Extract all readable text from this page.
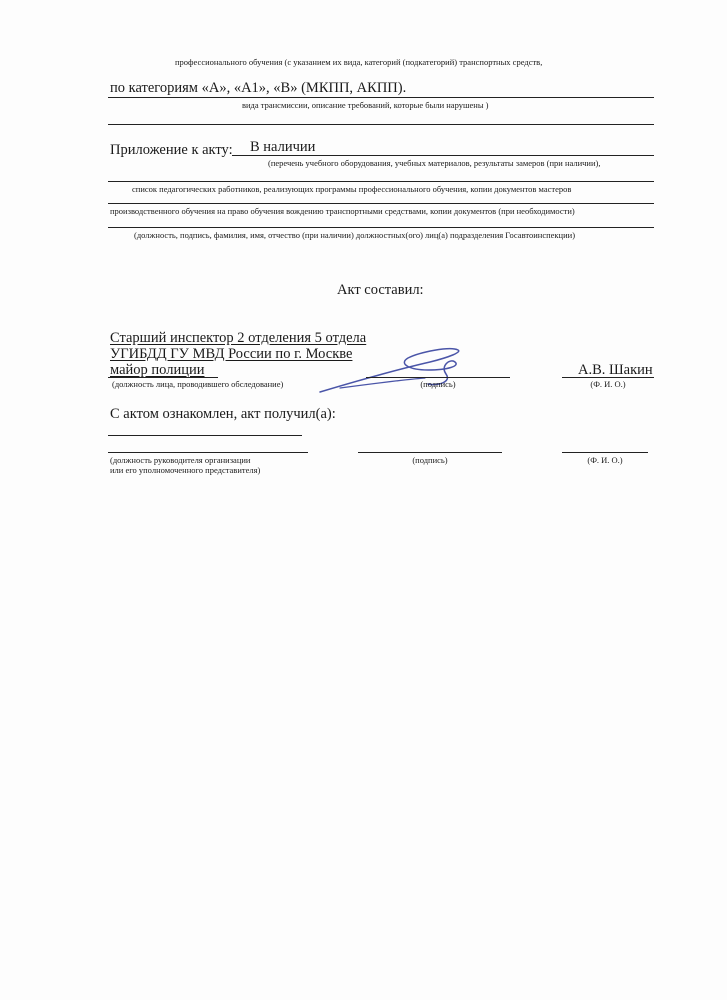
профессионального обучения (с указанием их вида, категорий (подкатегорий) транспортных средств,
по категориям «А», «А1», «В» (МКПП, АКПП).
вида трансмиссии, описание требований, которые были нарушены )
Приложение к акту: В наличии
(перечень учебного оборудования, учебных материалов, результаты замеров (при наличии),
список педагогических работников, реализующих программы профессионального обучения, копии документов мастеров
производственного обучения на право обучения вождению транспортными средствами, копии документов (при необходимости)
(должность, подпись, фамилия, имя, отчество (при наличии) должностных(ого) лиц(а) подразделения Госавтоинспекции)
Акт составил:
Старший инспектор 2 отделения 5 отдела
УГИБДД ГУ МВД России по г. Москве
майор полиции
(должность лица, проводившего обследование)	(подпись)
А.В. Шакин
(Ф. И. О.)
С актом ознакомлен, акт получил(а):
(должность руководителя организации
или его уполномоченного представителя)
(подпись)	(Ф. И. О.)
